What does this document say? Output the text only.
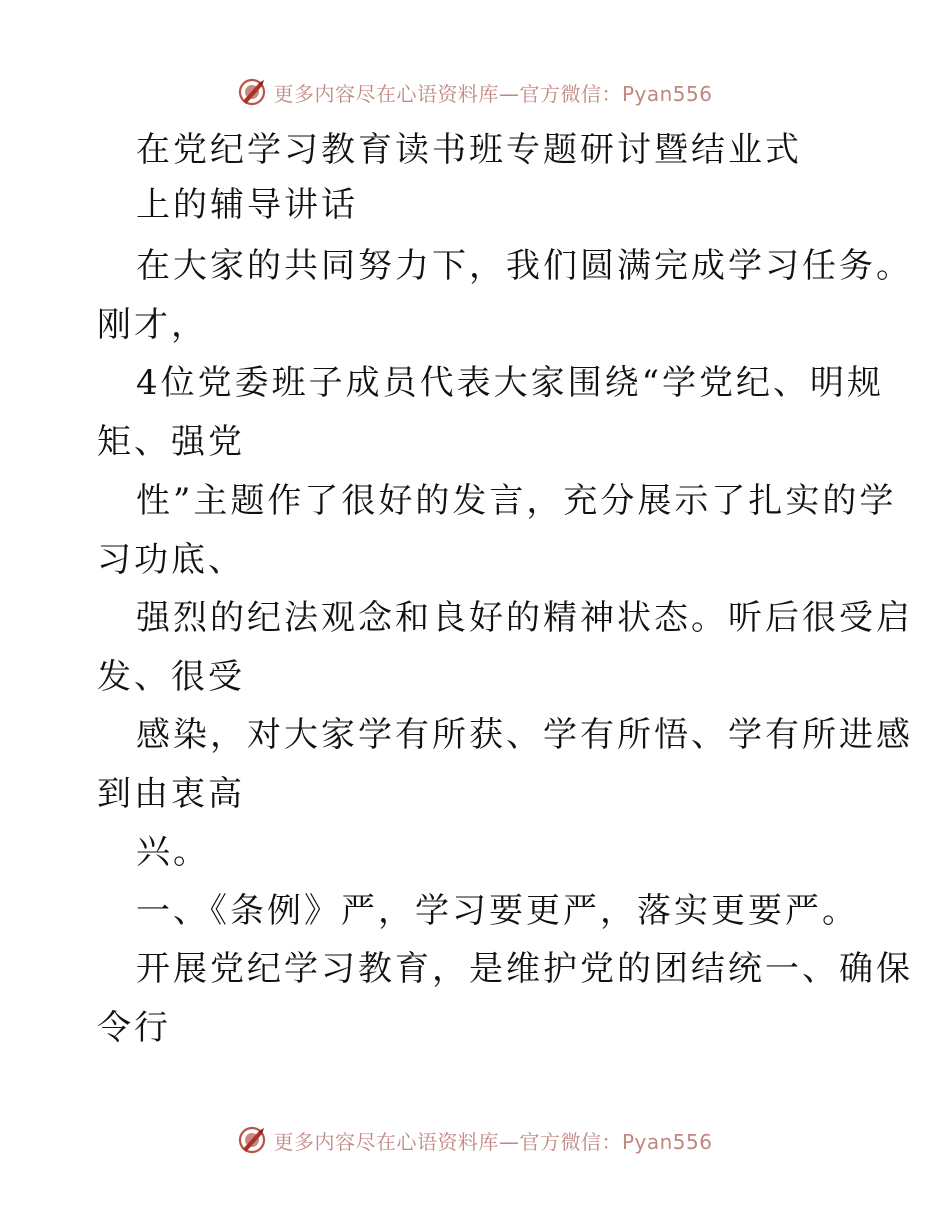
更多内容尽在心语资料库—官方微信：Pyan556
在党纪学习教育读书班专题研讨暨结业式
上的辅导讲话
在大家的共同努力下，我们圆满完成学习任务。
刚才，
4位党委班子成员代表大家围绕“学党纪、明规
矩、强党
性”主题作了很好的发言，充分展示了扎实的学
习功底、
强烈的纪法观念和良好的精神状态。听后很受启
发、很受
感染，对大家学有所获、学有所悟、学有所进感
到由衷高
兴。
一、《条例》严，学习要更严，落实更要严。
开展党纪学习教育，是维护党的团结统一、确保
令行
更多内容尽在心语资料库—官方微信：Pyan556
